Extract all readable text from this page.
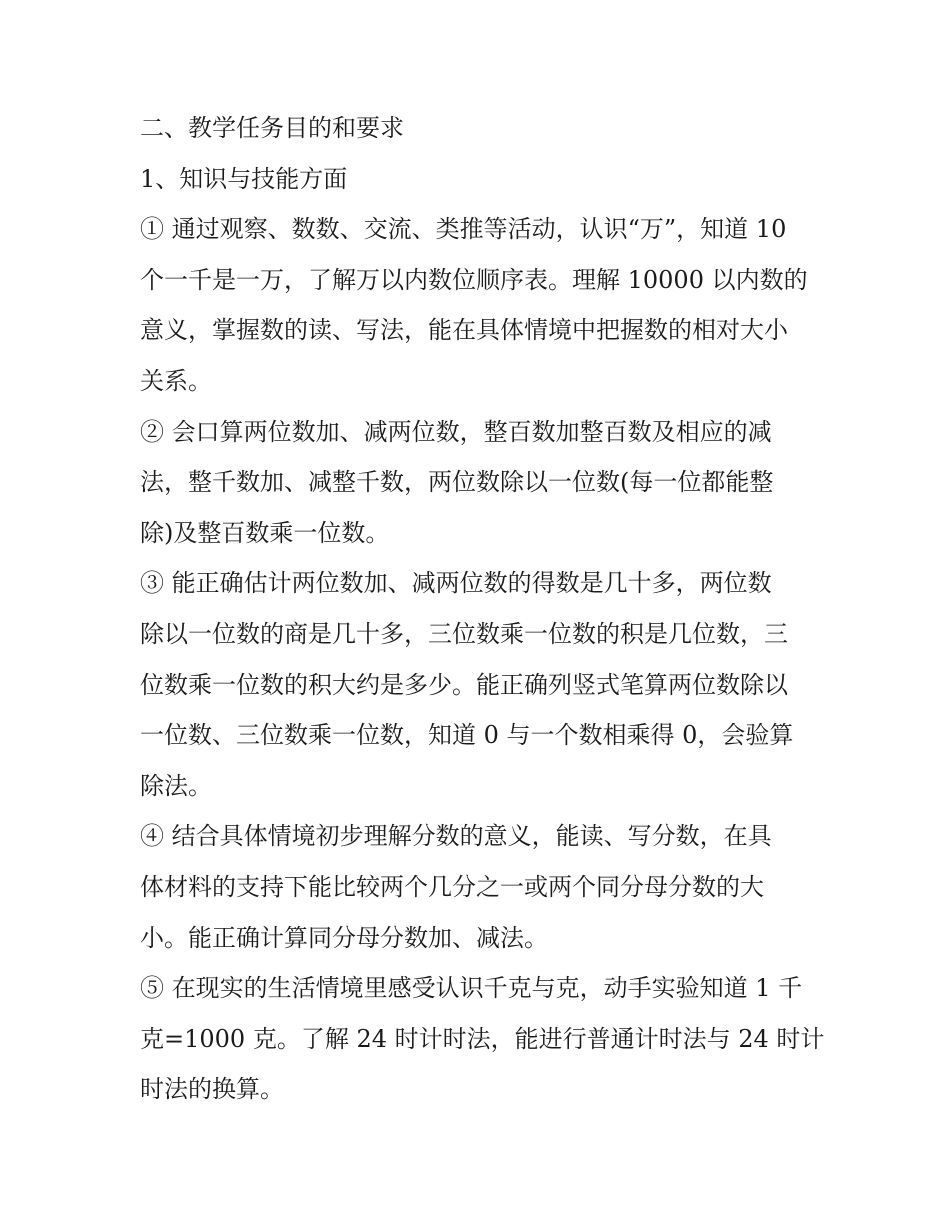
二、教学任务目的和要求
1、知识与技能方面
① 通过观察、数数、交流、类推等活动，认识“万”，知道 10
个一千是一万，了解万以内数位顺序表。理解 10000 以内数的
意义，掌握数的读、写法，能在具体情境中把握数的相对大小
关系。
② 会口算两位数加、减两位数，整百数加整百数及相应的减
法，整千数加、减整千数，两位数除以一位数(每一位都能整
除)及整百数乘一位数。
③ 能正确估计两位数加、减两位数的得数是几十多，两位数
除以一位数的商是几十多，三位数乘一位数的积是几位数，三
位数乘一位数的积大约是多少。能正确列竖式笔算两位数除以
一位数、三位数乘一位数，知道 0 与一个数相乘得 0，会验算
除法。
④ 结合具体情境初步理解分数的意义，能读、写分数，在具
体材料的支持下能比较两个几分之一或两个同分母分数的大
小。能正确计算同分母分数加、减法。
⑤ 在现实的生活情境里感受认识千克与克，动手实验知道 1 千
克=1000 克。了解 24 时计时法，能进行普通计时法与 24 时计
时法的换算。
